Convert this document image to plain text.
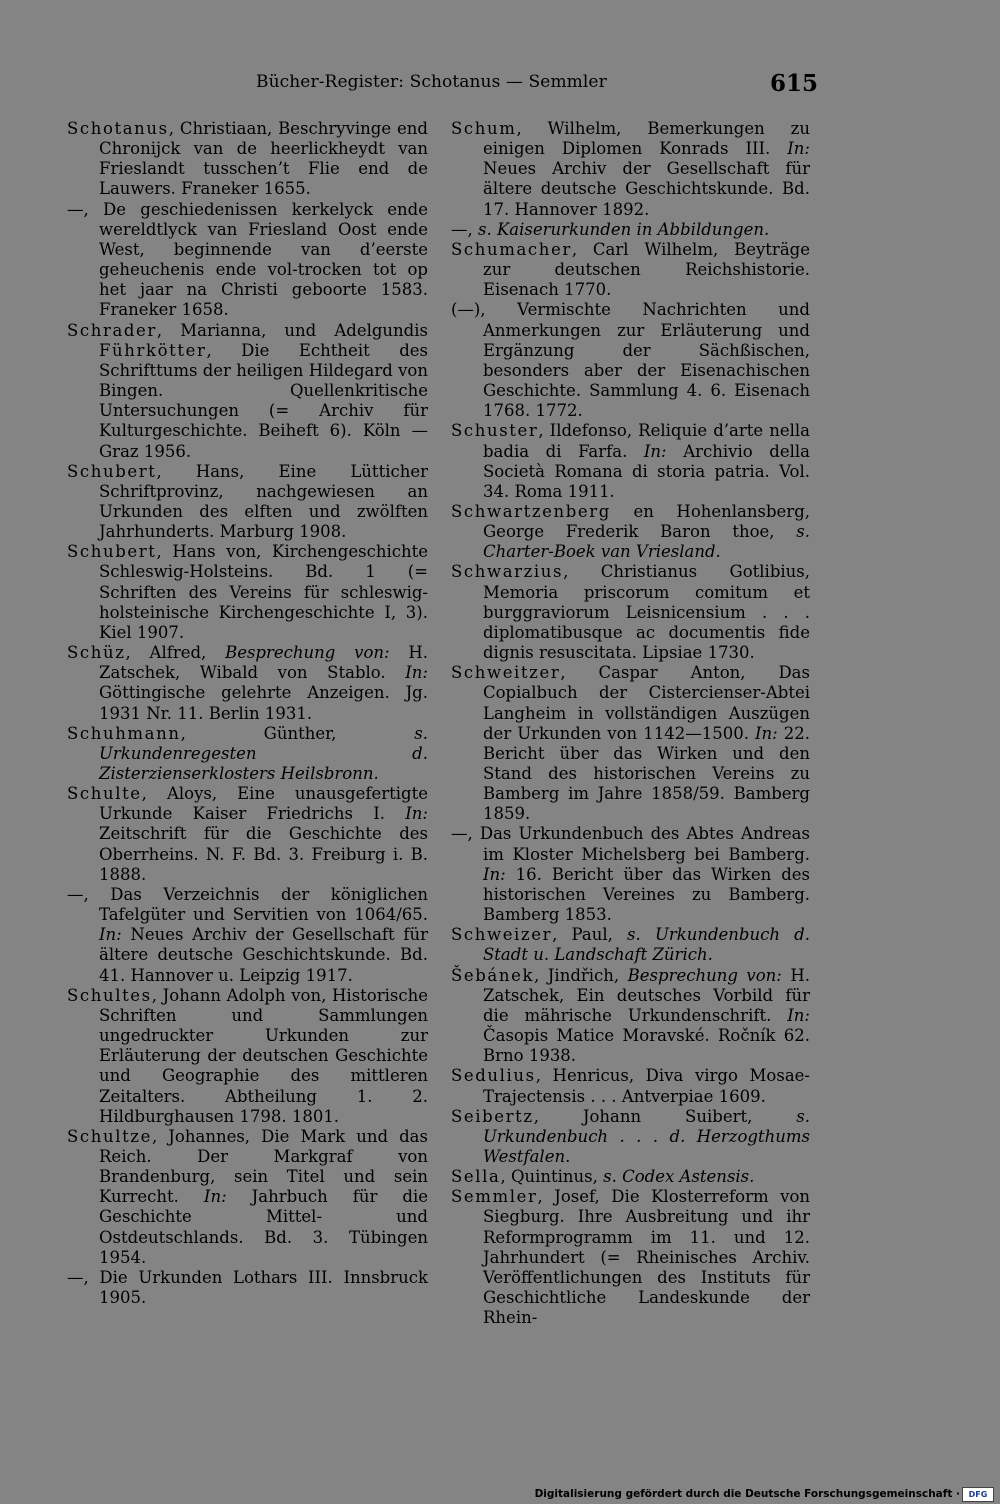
Bücher-Register: Schotanus — Semmler	615

Schotanus, Christiaan, Beschryvinge end Chronijck van de heerlickheydt van Frieslandt tusschen’t Flie end de Lauwers. Franeker 1655.

—, De geschiedenissen kerkelyck ende wereldtlyck van Friesland Oost ende West, beginnende van d’eerste geheuchenis ende vol-trocken tot op het jaar na Christi geboorte 1583. Franeker 1658.

Schrader, Marianna, und Adelgundis Führkötter, Die Echtheit des Schrifttums der heiligen Hildegard von Bingen. Quellenkritische Untersuchungen (= Archiv für Kulturgeschichte. Beiheft 6). Köln — Graz 1956.

Schubert, Hans, Eine Lütticher Schriftprovinz, nachgewiesen an Urkunden des elften und zwölften Jahrhunderts. Marburg 1908.

Schubert, Hans von, Kirchengeschichte Schleswig-Holsteins. Bd. 1 (= Schriften des Vereins für schleswig-holsteinische Kirchengeschichte I, 3). Kiel 1907.

Schüz, Alfred, Besprechung von: H. Zatschek, Wibald von Stablo. In: Göttingische gelehrte Anzeigen. Jg. 1931 Nr. 11. Berlin 1931.

Schuhmann, Günther, s. Urkundenregesten d. Zisterzienserklosters Heilsbronn.

Schulte, Aloys, Eine unausgefertigte Urkunde Kaiser Friedrichs I. In: Zeitschrift für die Geschichte des Oberrheins. N. F. Bd. 3. Freiburg i. B. 1888.

—, Das Verzeichnis der königlichen Tafelgüter und Servitien von 1064/65. In: Neues Archiv der Gesellschaft für ältere deutsche Geschichtskunde. Bd. 41. Hannover u. Leipzig 1917.

Schultes, Johann Adolph von, Historische Schriften und Sammlungen ungedruckter Urkunden zur Erläuterung der deutschen Geschichte und Geographie des mittleren Zeitalters. Abtheilung 1. 2. Hildburghausen 1798. 1801.

Schultze, Johannes, Die Mark und das Reich. Der Markgraf von Brandenburg, sein Titel und sein Kurrecht. In: Jahrbuch für die Geschichte Mittel- und Ostdeutschlands. Bd. 3. Tübingen 1954.

—, Die Urkunden Lothars III. Innsbruck 1905.

Schum, Wilhelm, Bemerkungen zu einigen Diplomen Konrads III. In: Neues Archiv der Gesellschaft für ältere deutsche Geschichtskunde. Bd. 17. Hannover 1892.

—, s. Kaiserurkunden in Abbildungen.

Schumacher, Carl Wilhelm, Beyträge zur deutschen Reichshistorie. Eisenach 1770.

(—), Vermischte Nachrichten und Anmerkungen zur Erläuterung und Ergänzung der Sächßischen, besonders aber der Eisenachischen Geschichte. Sammlung 4. 6. Eisenach 1768. 1772.

Schuster, Ildefonso, Reliquie d’arte nella badia di Farfa. In: Archivio della Società Romana di storia patria. Vol. 34. Roma 1911.

Schwartzenberg en Hohenlansberg, George Frederik Baron thoe, s. Charter-Boek van Vriesland.

Schwarzius, Christianus Gotlibius, Memoria priscorum comitum et burggraviorum Leisnicensium . . . diplomatibusque ac documentis fide dignis resuscitata. Lipsiae 1730.

Schweitzer, Caspar Anton, Das Copialbuch der Cistercienser-Abtei Langheim in vollständigen Auszügen der Urkunden von 1142—1500. In: 22. Bericht über das Wirken und den Stand des historischen Vereins zu Bamberg im Jahre 1858/59. Bamberg 1859.

—, Das Urkundenbuch des Abtes Andreas im Kloster Michelsberg bei Bamberg. In: 16. Bericht über das Wirken des historischen Vereines zu Bamberg. Bamberg 1853.

Schweizer, Paul, s. Urkundenbuch d. Stadt u. Landschaft Zürich.

Šebánek, Jindřich, Besprechung von: H. Zatschek, Ein deutsches Vorbild für die mährische Urkundenschrift. In: Časopis Matice Moravské. Ročník 62. Brno 1938.

Sedulius, Henricus, Diva virgo Mosae-Trajectensis . . . Antverpiae 1609.

Seibertz, Johann Suibert, s. Urkundenbuch . . . d. Herzogthums Westfalen.

Sella, Quintinus, s. Codex Astensis.

Semmler, Josef, Die Klosterreform von Siegburg. Ihre Ausbreitung und ihr Reformprogramm im 11. und 12. Jahrhundert (= Rheinisches Archiv. Veröffentlichungen des Instituts für Geschichtliche Landeskunde der Rhein-

Digitalisierung gefördert durch die Deutsche Forschungsgemeinschaft ·	DFG
